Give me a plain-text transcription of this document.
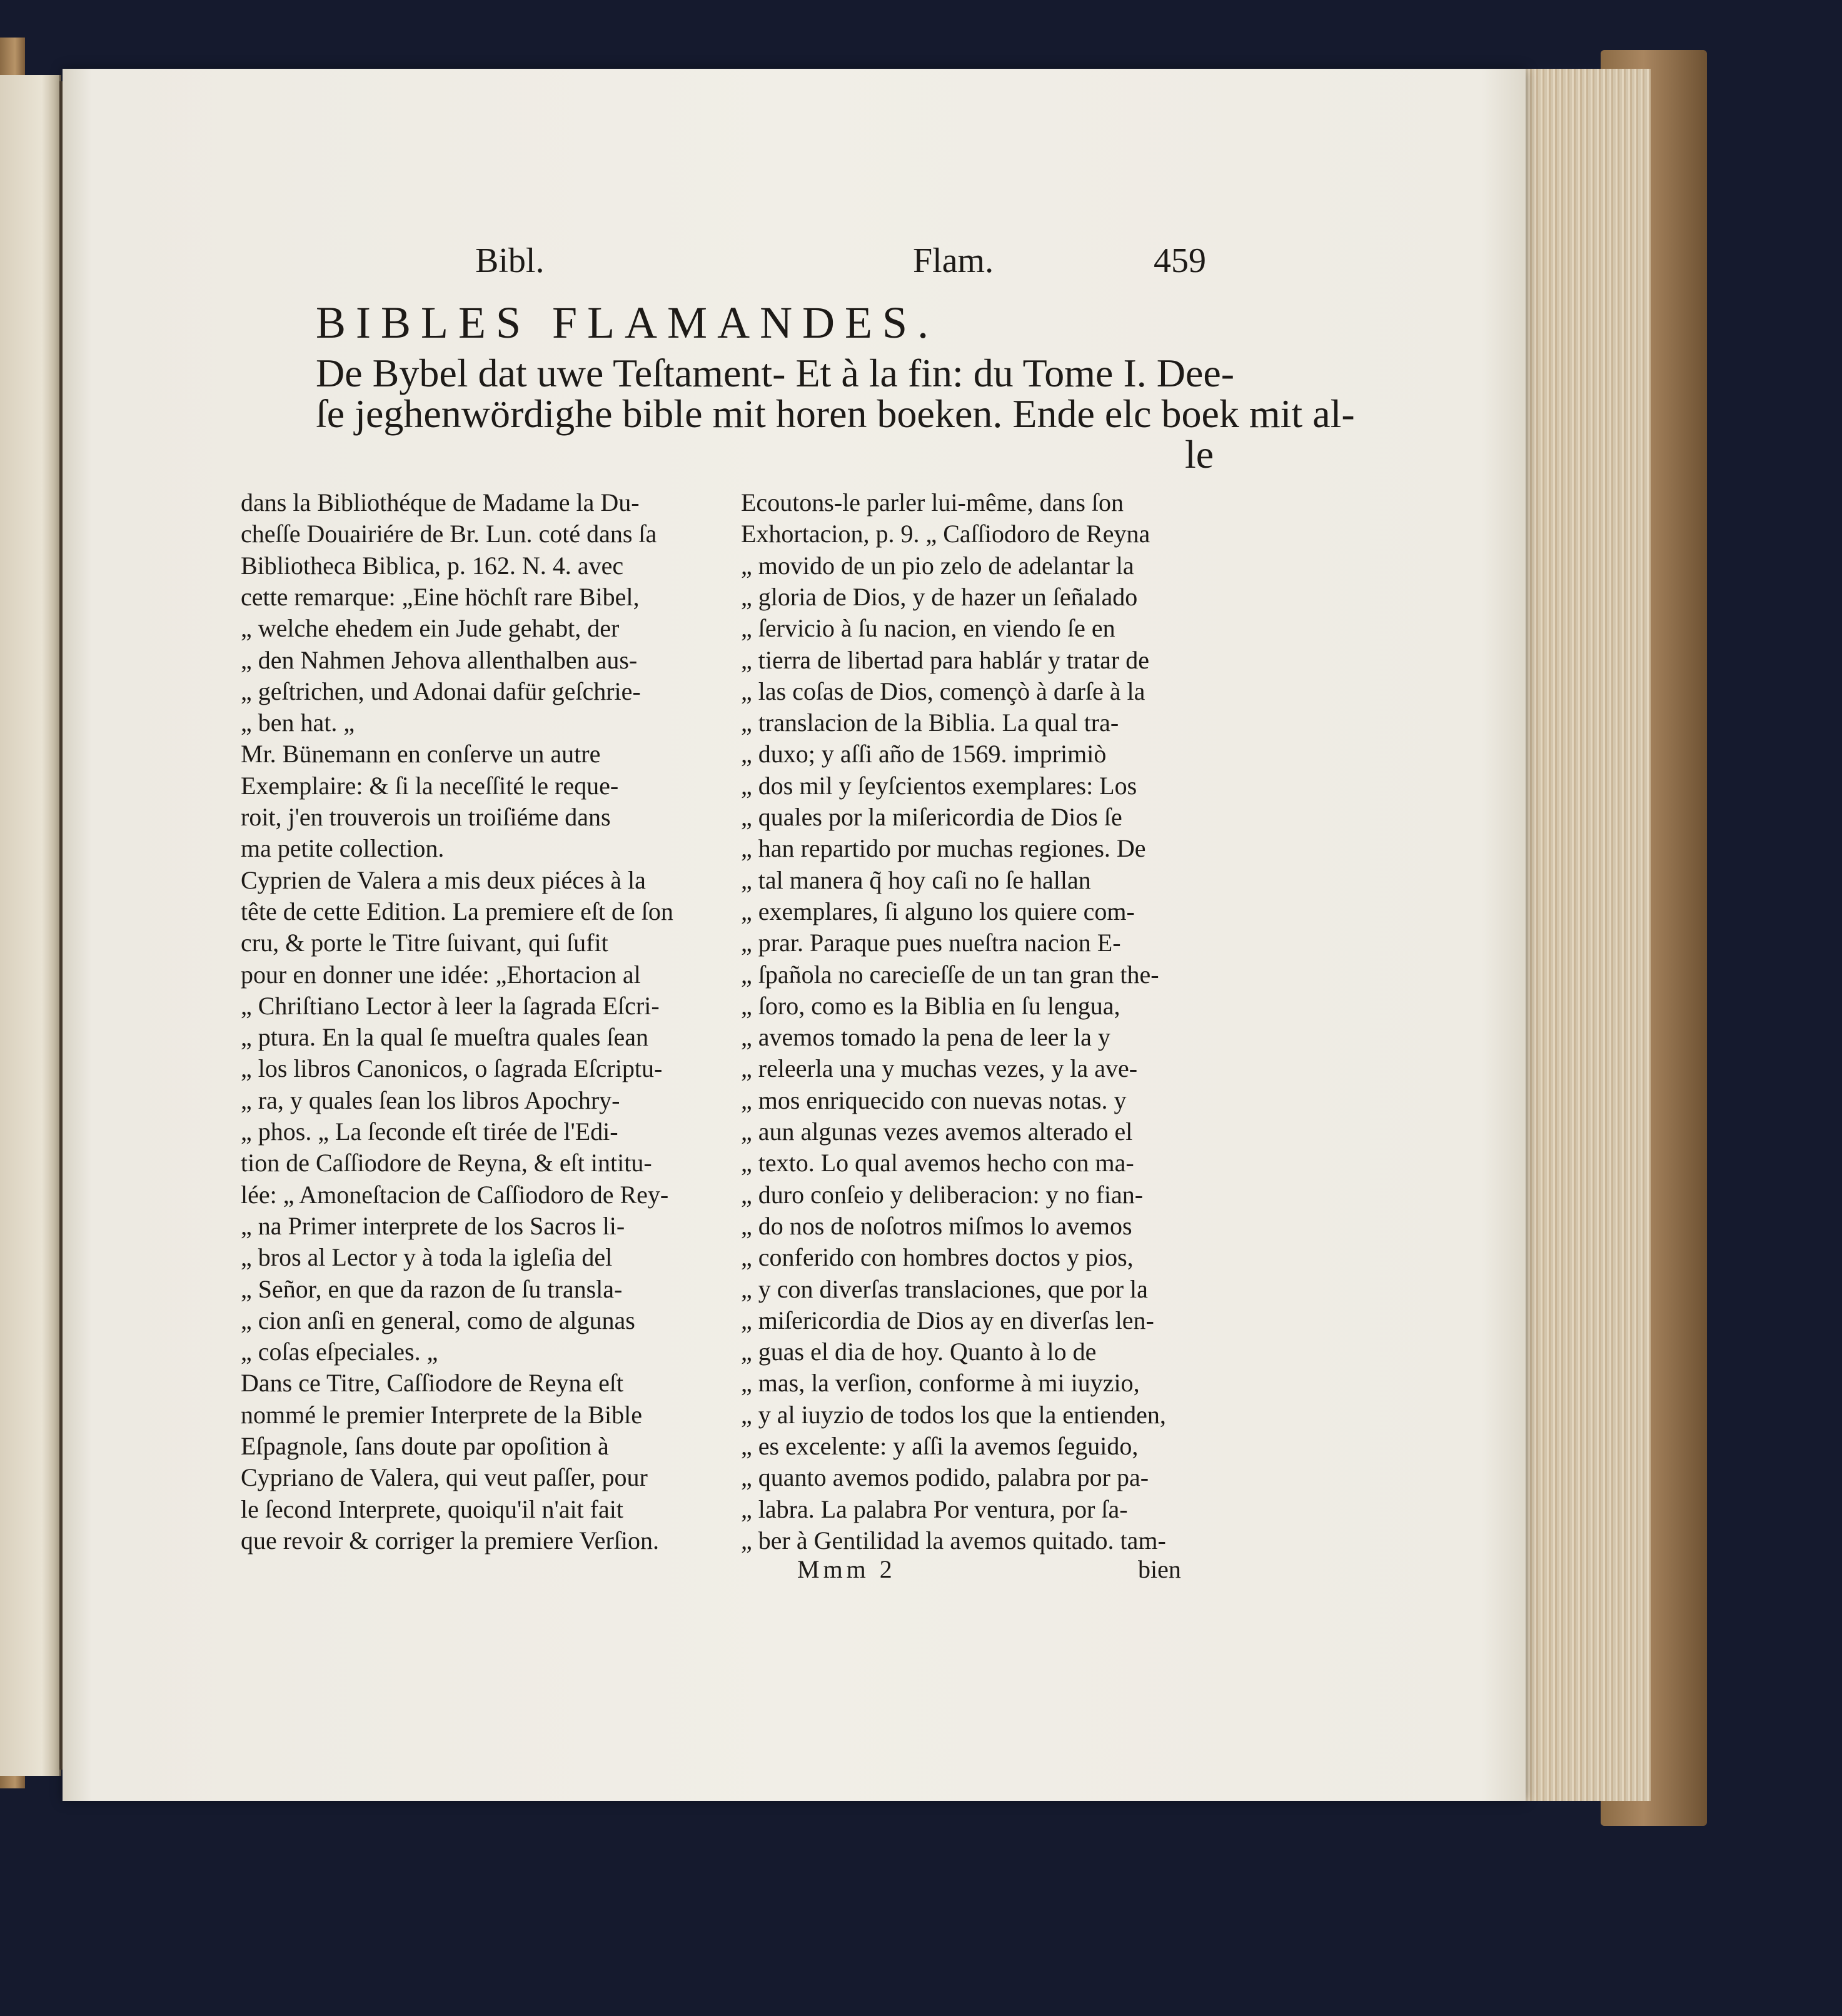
Bibl.	Flam.	459
BIBLES FLAMANDES.
De Bybel dat uwe Teſtament- Et à la fin: du Tome I. Dee-
ſe jeghenwördighe bible mit horen boeken. Ende elc boek mit al-
le
dans la Bibliothéque de Madame la Du-
cheſſe Douairiére de Br. Lun. coté dans ſa
Bibliotheca Biblica, p. 162. N. 4. avec
cette remarque: „Eine höchſt rare Bibel,
„ welche ehedem ein Jude gehabt, der
„ den Nahmen Jehova allenthalben aus-
„ geſtrichen, und Adonai dafür geſchrie-
„ ben hat. „
Mr. Bünemann en conſerve un autre
Exemplaire: & ſi la neceſſité le reque-
roit, j'en trouverois un troiſiéme dans
ma petite collection.
Cyprien de Valera a mis deux piéces à la
tête de cette Edition. La premiere eſt de ſon
cru, & porte le Titre ſuivant, qui ſufit
pour en donner une idée: „Ehortacion al
„ Chriſtiano Lector à leer la ſagrada Eſcri-
„ ptura. En la qual ſe mueſtra quales ſean
„ los libros Canonicos, o ſagrada Eſcriptu-
„ ra, y quales ſean los libros Apochry-
„ phos. „ La ſeconde eſt tirée de l'Edi-
tion de Caſſiodore de Reyna, & eſt intitu-
lée: „ Amoneſtacion de Caſſiodoro de Rey-
„ na Primer interprete de los Sacros li-
„ bros al Lector y à toda la igleſia del
„ Señor, en que da razon de ſu transla-
„ cion anſi en general, como de algunas
„ coſas eſpeciales. „
Dans ce Titre, Caſſiodore de Reyna eſt
nommé le premier Interprete de la Bible
Eſpagnole, ſans doute par opoſition à
Cypriano de Valera, qui veut paſſer, pour
le ſecond Interprete, quoiqu'il n'ait fait
que revoir & corriger la premiere Verſion.
Ecoutons-le parler lui-même, dans ſon
Exhortacion, p. 9. „ Caſſiodoro de Reyna
„ movido de un pio zelo de adelantar la
„ gloria de Dios, y de hazer un ſeñalado
„ ſervicio à ſu nacion, en viendo ſe en
„ tierra de libertad para hablár y tratar de
„ las coſas de Dios, començò à darſe à la
„ translacion de la Biblia. La qual tra-
„ duxo; y aſſi año de 1569. imprimiò
„ dos mil y ſeyſcientos exemplares: Los
„ quales por la miſericordia de Dios ſe
„ han repartido por muchas regiones. De
„ tal manera q̃ hoy caſi no ſe hallan
„ exemplares, ſi alguno los quiere com-
„ prar. Paraque pues nueſtra nacion E-
„ ſpañola no careciеſſe de un tan gran the-
„ ſoro, como es la Biblia en ſu lengua,
„ avemos tomado la pena de leer la y
„ releerla una y muchas vezes, y la ave-
„ mos enriquecido con nuevas notas. y
„ aun algunas vezes avemos alterado el
„ texto. Lo qual avemos hecho con ma-
„ duro conſeio y deliberacion: y no fian-
„ do nos de noſotros miſmos lo avemos
„ conferido con hombres doctos y pios,
„ y con diverſas translaciones, que por la
„ miſericordia de Dios ay en diverſas len-
„ guas el dia de hoy. Quanto à lo de
„ mas, la verſion, conforme à mi iuyzio,
„ y al iuyzio de todos los que la entienden,
„ es excelente: y aſſi la avemos ſeguido,
„ quanto avemos podido, palabra por pa-
„ labra. La palabra Por ventura, por ſa-
„ ber à Gentilidad la avemos quitado. tam-
Mmm 2	bien
